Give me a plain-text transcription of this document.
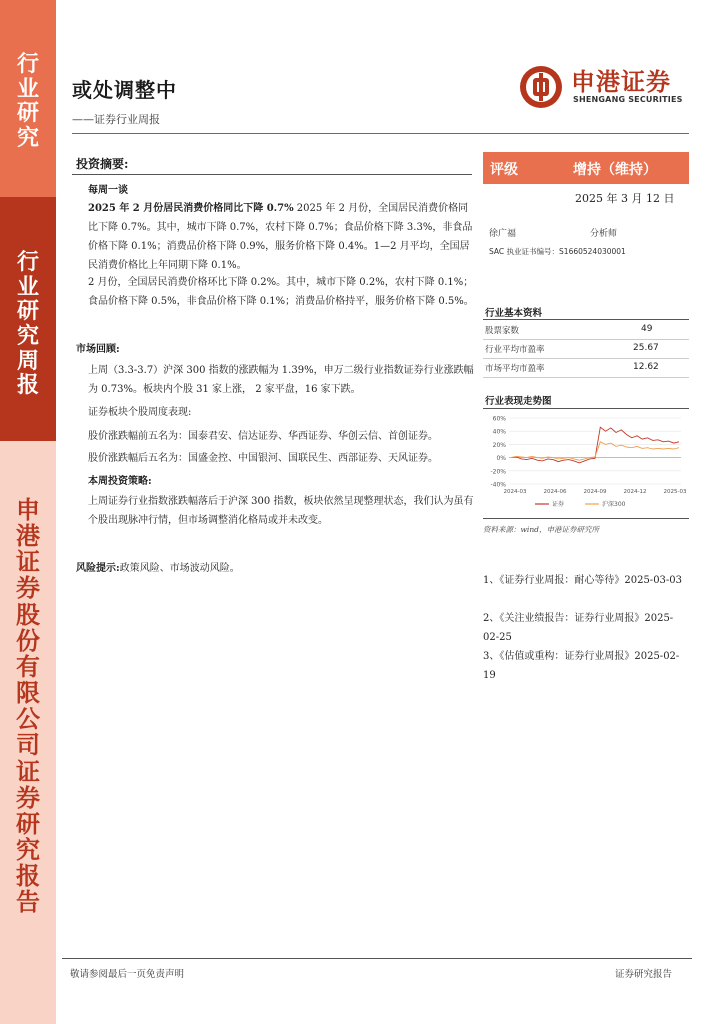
行
业
研
究
行
业
研
究
周
报
申
港
证
券
股
份
有
限
公
司
证
券
研
究
报
告
或处调整中
——证券行业周报
申港证券
SHENGANG SECURITIES
投资摘要:
每周一谈
2025 年 2 月份居民消费价格同比下降 0.7% 2025 年 2 月份，全国居民消费价格同比下降 0.7%。其中，城市下降 0.7%，农村下降 0.7%；食品价格下降 3.3%，非食品价格下降 0.1%；消费品价格下降 0.9%，服务价格下降 0.4%。1—2 月平均，全国居民消费价格比上年同期下降 0.1%。
2 月份，全国居民消费价格环比下降 0.2%。其中，城市下降 0.2%，农村下降 0.1%；食品价格下降 0.5%，非食品价格下降 0.1%；消费品价格持平，服务价格下降 0.5%。
市场回顾:
上周（3.3-3.7）沪深 300 指数的涨跌幅为 1.39%，申万二级行业指数证券行业涨跌幅为 0.73%。板块内个股 31 家上涨， 2 家平盘，16 家下跌。
证券板块个股周度表现:
股价涨跌幅前五名为：国泰君安、信达证券、华西证券、华创云信、首创证券。
股价涨跌幅后五名为：国盛金控、中国银河、国联民生、西部证券、天风证券。
本周投资策略:
上周证券行业指数涨跌幅落后于沪深 300 指数，板块依然呈现整理状态，我们认为虽有个股出现脉冲行情，但市场调整消化格局或并未改变。
风险提示:政策风险、市场波动风险。
评级	增持（维持）
2025 年 3 月 12 日
徐广福	分析师
SAC 执业证书编号：S1660524030001
行业基本资料
股票家数	49
行业平均市盈率	25.67
市场平均市盈率	12.62
行业表现走势图
60%
40%
20%
0%
-20%
-40%
2024-03	2024-06	2024-09	2024-12	2025-03
证券	沪深300
资料来源：wind，申港证券研究所
1、《证券行业周报：耐心等待》2025-03-03
2、《关注业绩报告：证券行业周报》2025-02-25
3、《估值或重构：证券行业周报》2025-02-19
敬请参阅最后一页免责声明	证券研究报告
